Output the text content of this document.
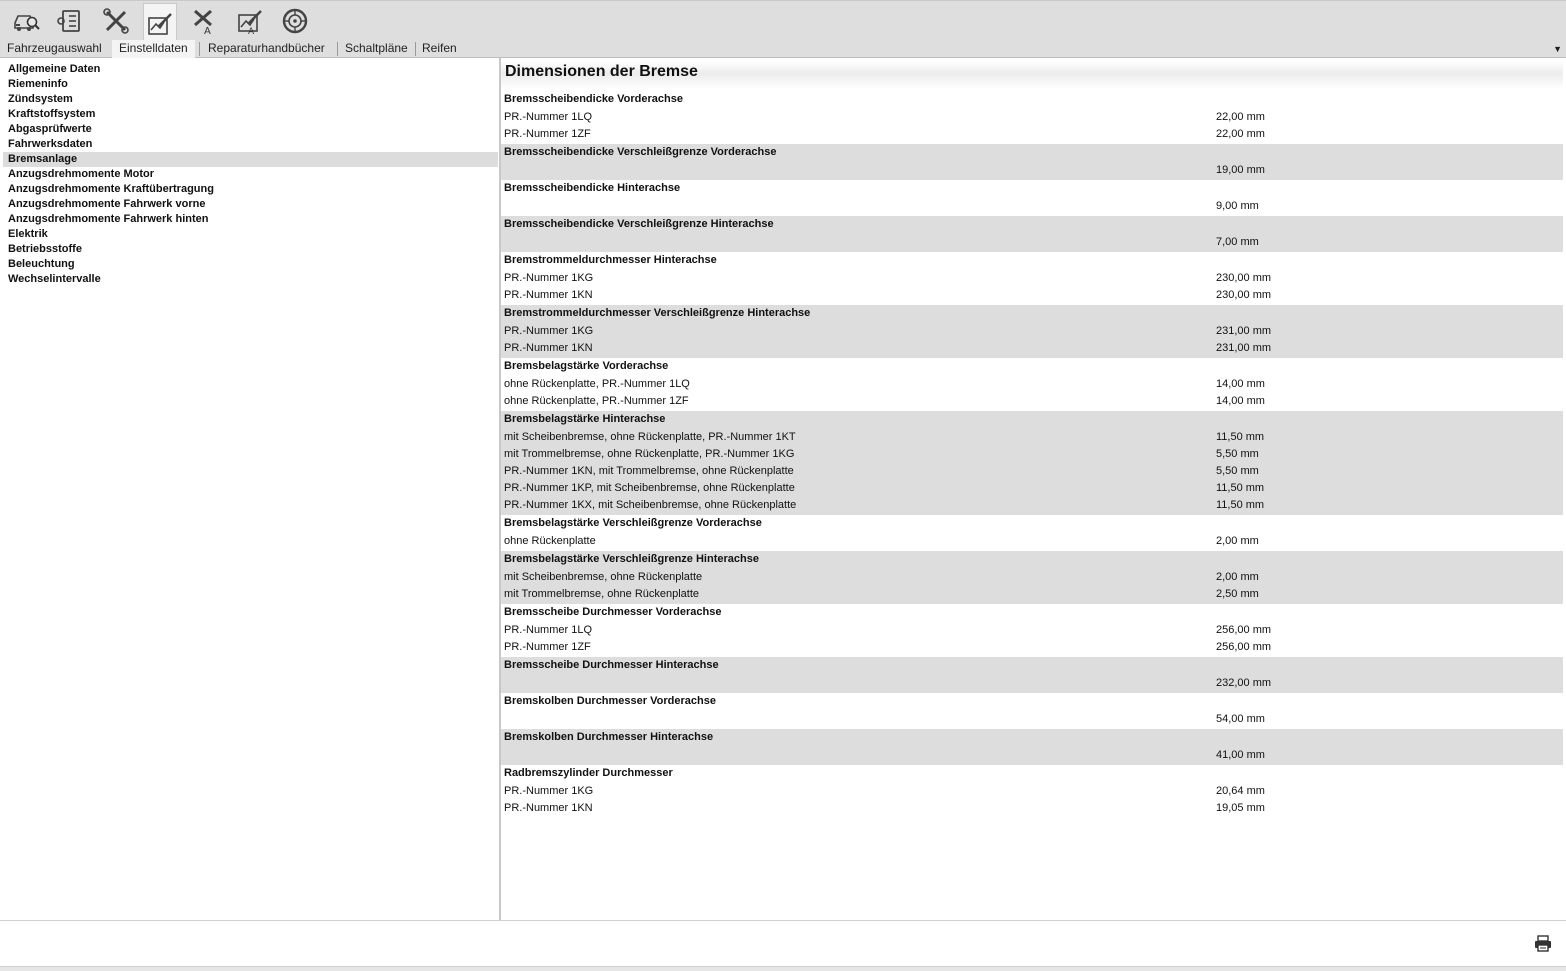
A	A
Fahrzeugauswahl	Einstelldaten	Reparaturhandbücher	Schaltpläne	Reifen	▼
Allgemeine Daten
Riemeninfo
Zündsystem
Kraftstoffsystem
Abgasprüfwerte
Fahrwerksdaten
Bremsanlage
Anzugsdrehmomente Motor
Anzugsdrehmomente Kraftübertragung
Anzugsdrehmomente Fahrwerk vorne
Anzugsdrehmomente Fahrwerk hinten
Elektrik
Betriebsstoffe
Beleuchtung
Wechselintervalle
Dimensionen der Bremse
Bremsscheibendicke Vorderachse
PR.-Nummer 1LQ	22,00 mm
PR.-Nummer 1ZF	22,00 mm
Bremsscheibendicke Verschleißgrenze Vorderachse
19,00 mm
Bremsscheibendicke Hinterachse
9,00 mm
Bremsscheibendicke Verschleißgrenze Hinterachse
7,00 mm
Bremstrommeldurchmesser Hinterachse
PR.-Nummer 1KG	230,00 mm
PR.-Nummer 1KN	230,00 mm
Bremstrommeldurchmesser Verschleißgrenze Hinterachse
PR.-Nummer 1KG	231,00 mm
PR.-Nummer 1KN	231,00 mm
Bremsbelagstärke Vorderachse
ohne Rückenplatte, PR.-Nummer 1LQ	14,00 mm
ohne Rückenplatte, PR.-Nummer 1ZF	14,00 mm
Bremsbelagstärke Hinterachse
mit Scheibenbremse, ohne Rückenplatte, PR.-Nummer 1KT	11,50 mm
mit Trommelbremse, ohne Rückenplatte, PR.-Nummer 1KG	5,50 mm
PR.-Nummer 1KN, mit Trommelbremse, ohne Rückenplatte	5,50 mm
PR.-Nummer 1KP, mit Scheibenbremse, ohne Rückenplatte	11,50 mm
PR.-Nummer 1KX, mit Scheibenbremse, ohne Rückenplatte	11,50 mm
Bremsbelagstärke Verschleißgrenze Vorderachse
ohne Rückenplatte	2,00 mm
Bremsbelagstärke Verschleißgrenze Hinterachse
mit Scheibenbremse, ohne Rückenplatte	2,00 mm
mit Trommelbremse, ohne Rückenplatte	2,50 mm
Bremsscheibe Durchmesser Vorderachse
PR.-Nummer 1LQ	256,00 mm
PR.-Nummer 1ZF	256,00 mm
Bremsscheibe Durchmesser Hinterachse
232,00 mm
Bremskolben Durchmesser Vorderachse
54,00 mm
Bremskolben Durchmesser Hinterachse
41,00 mm
Radbremszylinder Durchmesser
PR.-Nummer 1KG	20,64 mm
PR.-Nummer 1KN	19,05 mm
